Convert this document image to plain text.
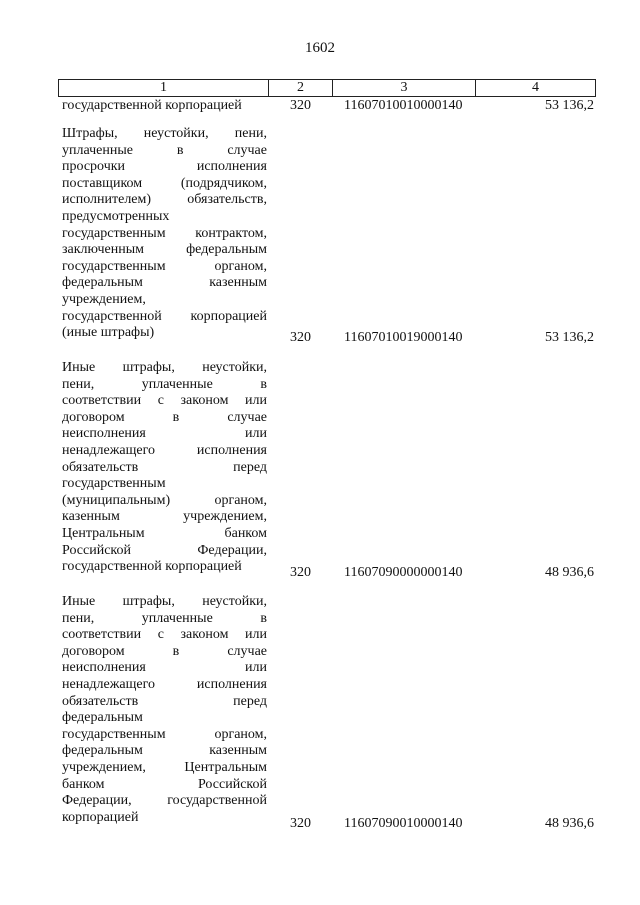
1602
1	2	3	4
государственной корпорацией	320 11607010010000140	53 136,2
Штрафы, неустойки, пени,
уплаченные в случае
просрочки исполнения
поставщиком (подрядчиком,
исполнителем) обязательств,
предусмотренных
государственным контрактом,
заключенным федеральным
государственным органом,
федеральным казенным
учреждением,
государственной корпорацией
(иные штрафы)	320 11607010019000140	53 136,2
Иные штрафы, неустойки,
пени, уплаченные в
соответствии с законом или
договором в случае
неисполнения или
ненадлежащего исполнения
обязательств перед
государственным
(муниципальным) органом,
казенным учреждением,
Центральным банком
Российской Федерации,
государственной корпорацией	320 11607090000000140	48 936,6
Иные штрафы, неустойки,
пени, уплаченные в
соответствии с законом или
договором в случае
неисполнения или
ненадлежащего исполнения
обязательств перед
федеральным
государственным органом,
федеральным казенным
учреждением, Центральным
банком Российской
Федерации, государственной
корпорацией	320 11607090010000140	48 936,6
